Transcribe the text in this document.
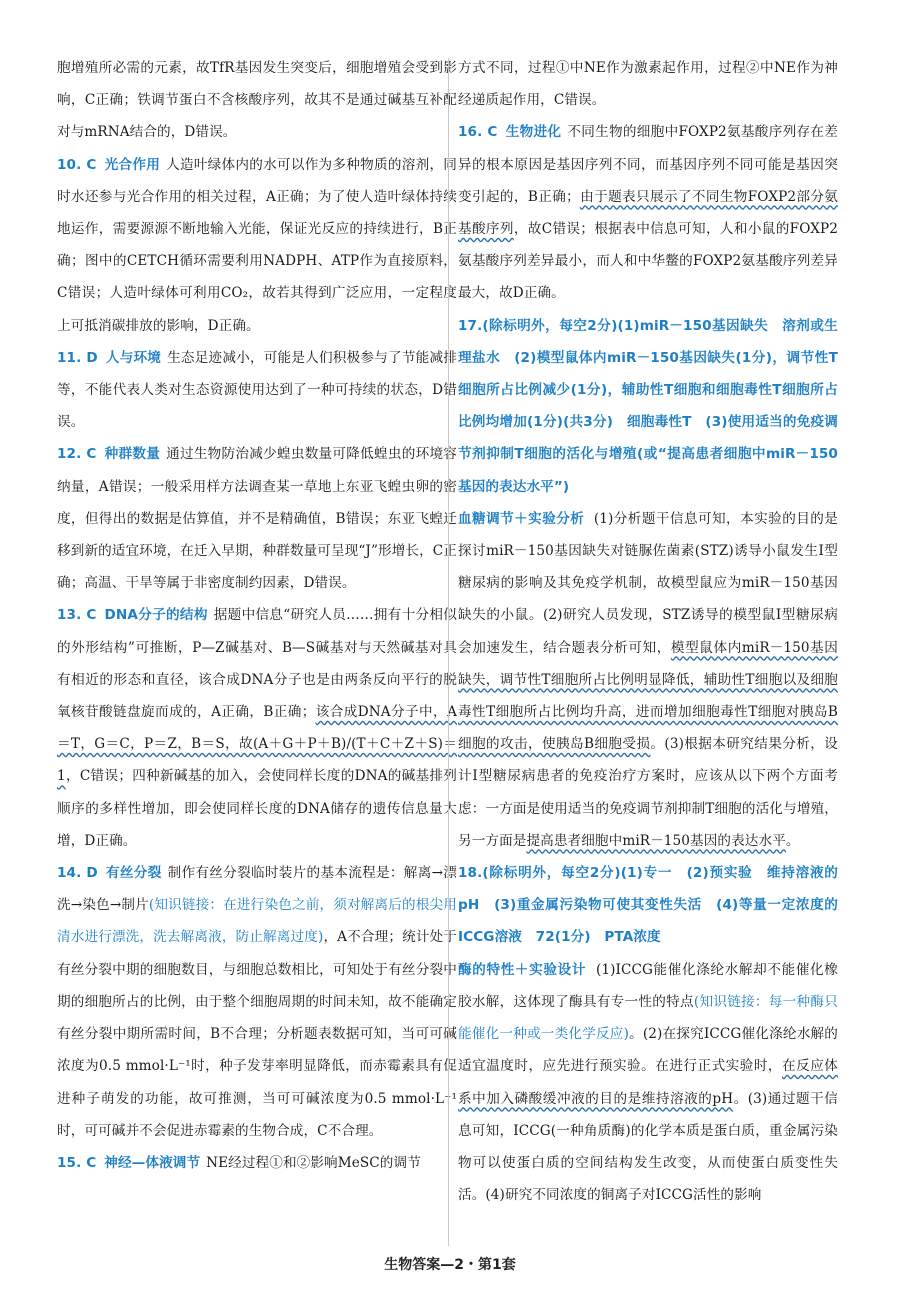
胞增殖所必需的元素，故TfR基因发生突变后，细胞增殖会受到影响，C正确；铁调节蛋白不含核酸序列，故其不是通过碱基互补配对与mRNA结合的，D错误。

10. C 光合作用 人造叶绿体内的水可以作为多种物质的溶剂，同时水还参与光合作用的相关过程，A正确；为了使人造叶绿体持续地运作，需要源源不断地输入光能，保证光反应的持续进行，B正确；图中的CETCH循环需要利用NADPH、ATP作为直接原料，C错误；人造叶绿体可利用CO₂，故若其得到广泛应用，一定程度上可抵消碳排放的影响，D正确。

11. D 人与环境 生态足迹减小，可能是人们积极参与了节能减排等，不能代表人类对生态资源使用达到了一种可持续的状态，D错误。

12. C 种群数量 通过生物防治减少蝗虫数量可降低蝗虫的环境容纳量，A错误；一般采用样方法调查某一草地上东亚飞蝗虫卵的密度，但得出的数据是估算值，并不是精确值，B错误；东亚飞蝗迁移到新的适宜环境，在迁入早期，种群数量可呈现“J”形增长，C正确；高温、干旱等属于非密度制约因素，D错误。

13. C DNA分子的结构 据题中信息“研究人员……拥有十分相似的外形结构”可推断，P—Z碱基对、B—S碱基对与天然碱基对具有相近的形态和直径，该合成DNA分子也是由两条反向平行的脱氧核苷酸链盘旋而成的，A正确，B正确；该合成DNA分子中，A＝T，G＝C，P＝Z，B＝S，故(A＋G＋P＋B)/(T＋C＋Z＋S)＝1，C错误；四种新碱基的加入，会使同样长度的DNA的碱基排列顺序的多样性增加，即会使同样长度的DNA储存的遗传信息量大增，D正确。

14. D 有丝分裂 制作有丝分裂临时装片的基本流程是：解离→漂洗→染色→制片(知识链接：在进行染色之前，须对解离后的根尖用清水进行漂洗，洗去解离液，防止解离过度)，A不合理；统计处于有丝分裂中期的细胞数目，与细胞总数相比，可知处于有丝分裂中期的细胞所占的比例，由于整个细胞周期的时间未知，故不能确定有丝分裂中期所需时间，B不合理；分析题表数据可知，当可可碱浓度为0.5 mmol·L⁻¹时，种子发芽率明显降低，而赤霉素具有促进种子萌发的功能，故可推测，当可可碱浓度为0.5 mmol·L⁻¹时，可可碱并不会促进赤霉素的生物合成，C不合理。

15. C 神经—体液调节 NE经过程①和②影响MeSC的调节

方式不同，过程①中NE作为激素起作用，过程②中NE作为神经递质起作用，C错误。

16. C 生物进化 不同生物的细胞中FOXP2氨基酸序列存在差异的根本原因是基因序列不同，而基因序列不同可能是基因突变引起的，B正确；由于题表只展示了不同生物FOXP2部分氨基酸序列，故C错误；根据表中信息可知，人和小鼠的FOXP2氨基酸序列差异最小，而人和中华鳖的FOXP2氨基酸序列差异最大，故D正确。

17.(除标明外，每空2分)(1)miR－150基因缺失　溶剂或生理盐水　(2)模型鼠体内miR－150基因缺失(1分)，调节性T细胞所占比例减少(1分)，辅助性T细胞和细胞毒性T细胞所占比例均增加(1分)(共3分)　细胞毒性T　(3)使用适当的免疫调节剂抑制T细胞的活化与增殖(或“提高患者细胞中miR－150基因的表达水平”)

血糖调节＋实验分析 (1)分析题干信息可知，本实验的目的是探讨miR－150基因缺失对链脲佐菌素(STZ)诱导小鼠发生Ⅰ型糖尿病的影响及其免疫学机制，故模型鼠应为miR－150基因缺失的小鼠。(2)研究人员发现，STZ诱导的模型鼠Ⅰ型糖尿病会加速发生，结合题表分析可知，模型鼠体内miR－150基因缺失，调节性T细胞所占比例明显降低，辅助性T细胞以及细胞毒性T细胞所占比例均升高，进而增加细胞毒性T细胞对胰岛B细胞的攻击，使胰岛B细胞受损。(3)根据本研究结果分析，设计Ⅰ型糖尿病患者的免疫治疗方案时，应该从以下两个方面考虑：一方面是使用适当的免疫调节剂抑制T细胞的活化与增殖，另一方面是提高患者细胞中miR－150基因的表达水平。

18.(除标明外，每空2分)(1)专一　(2)预实验　维持溶液的pH　(3)重金属污染物可使其变性失活　(4)等量一定浓度的ICCG溶液　72(1分)　PTA浓度

酶的特性＋实验设计 (1)ICCG能催化涤纶水解却不能催化橡胶水解，这体现了酶具有专一性的特点(知识链接：每一种酶只能催化一种或一类化学反应)。(2)在探究ICCG催化涤纶水解的适宜温度时，应先进行预实验。在进行正式实验时，在反应体系中加入磷酸缓冲液的目的是维持溶液的pH。(3)通过题干信息可知，ICCG(一种角质酶)的化学本质是蛋白质，重金属污染物可以使蛋白质的空间结构发生改变，从而使蛋白质变性失活。(4)研究不同浓度的铜离子对ICCG活性的影响

生物答案—2・第1套
